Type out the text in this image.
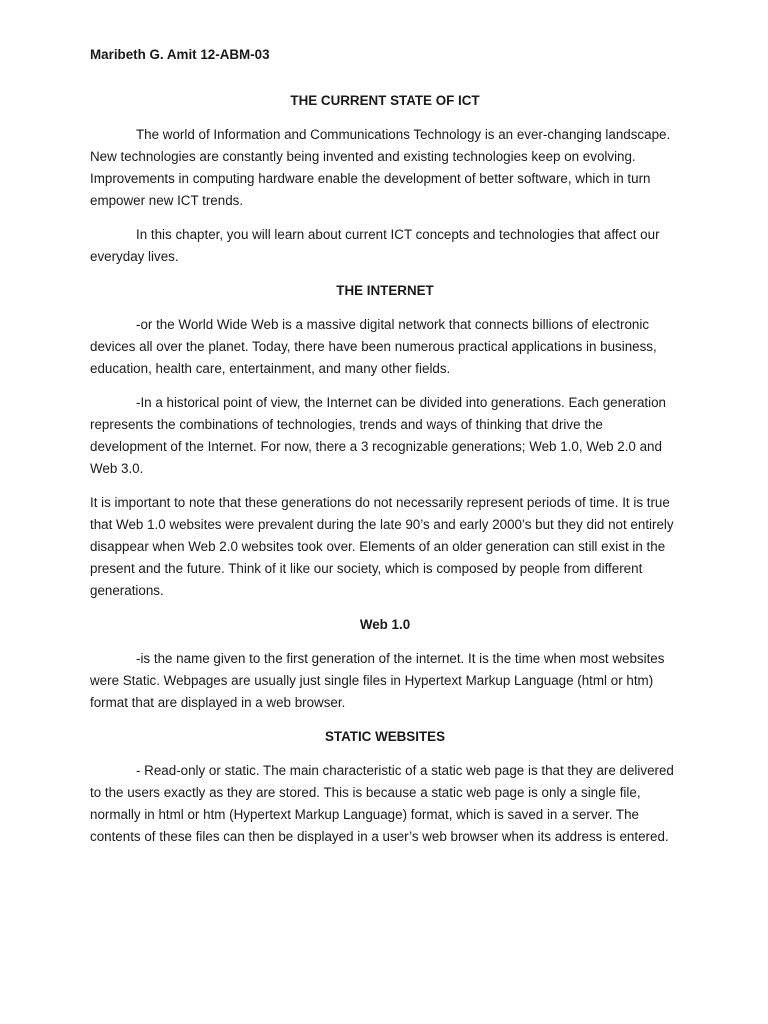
Maribeth G. Amit 12-ABM-03
THE CURRENT STATE OF ICT

The world of Information and Communications Technology is an ever-changing landscape. New technologies are constantly being invented and existing technologies keep on evolving. Improvements in computing hardware enable the development of better software, which in turn empower new ICT trends.

In this chapter, you will learn about current ICT concepts and technologies that affect our everyday lives.

THE INTERNET

-or the World Wide Web is a massive digital network that connects billions of electronic devices all over the planet. Today, there have been numerous practical applications in business, education, health care, entertainment, and many other fields.

-In a historical point of view, the Internet can be divided into generations. Each generation represents the combinations of technologies, trends and ways of thinking that drive the development of the Internet. For now, there a 3 recognizable generations; Web 1.0, Web 2.0 and Web 3.0.

It is important to note that these generations do not necessarily represent periods of time. It is true that Web 1.0 websites were prevalent during the late 90’s and early 2000’s but they did not entirely disappear when Web 2.0 websites took over. Elements of an older generation can still exist in the present and the future. Think of it like our society, which is composed by people from different generations.

Web 1.0

-is the name given to the first generation of the internet. It is the time when most websites were Static. Webpages are usually just single files in Hypertext Markup Language (html or htm) format that are displayed in a web browser.

STATIC WEBSITES

- Read-only or static. The main characteristic of a static web page is that they are delivered to the users exactly as they are stored. This is because a static web page is only a single file, normally in html or htm (Hypertext Markup Language) format, which is saved in a server. The contents of these files can then be displayed in a user’s web browser when its address is entered.
